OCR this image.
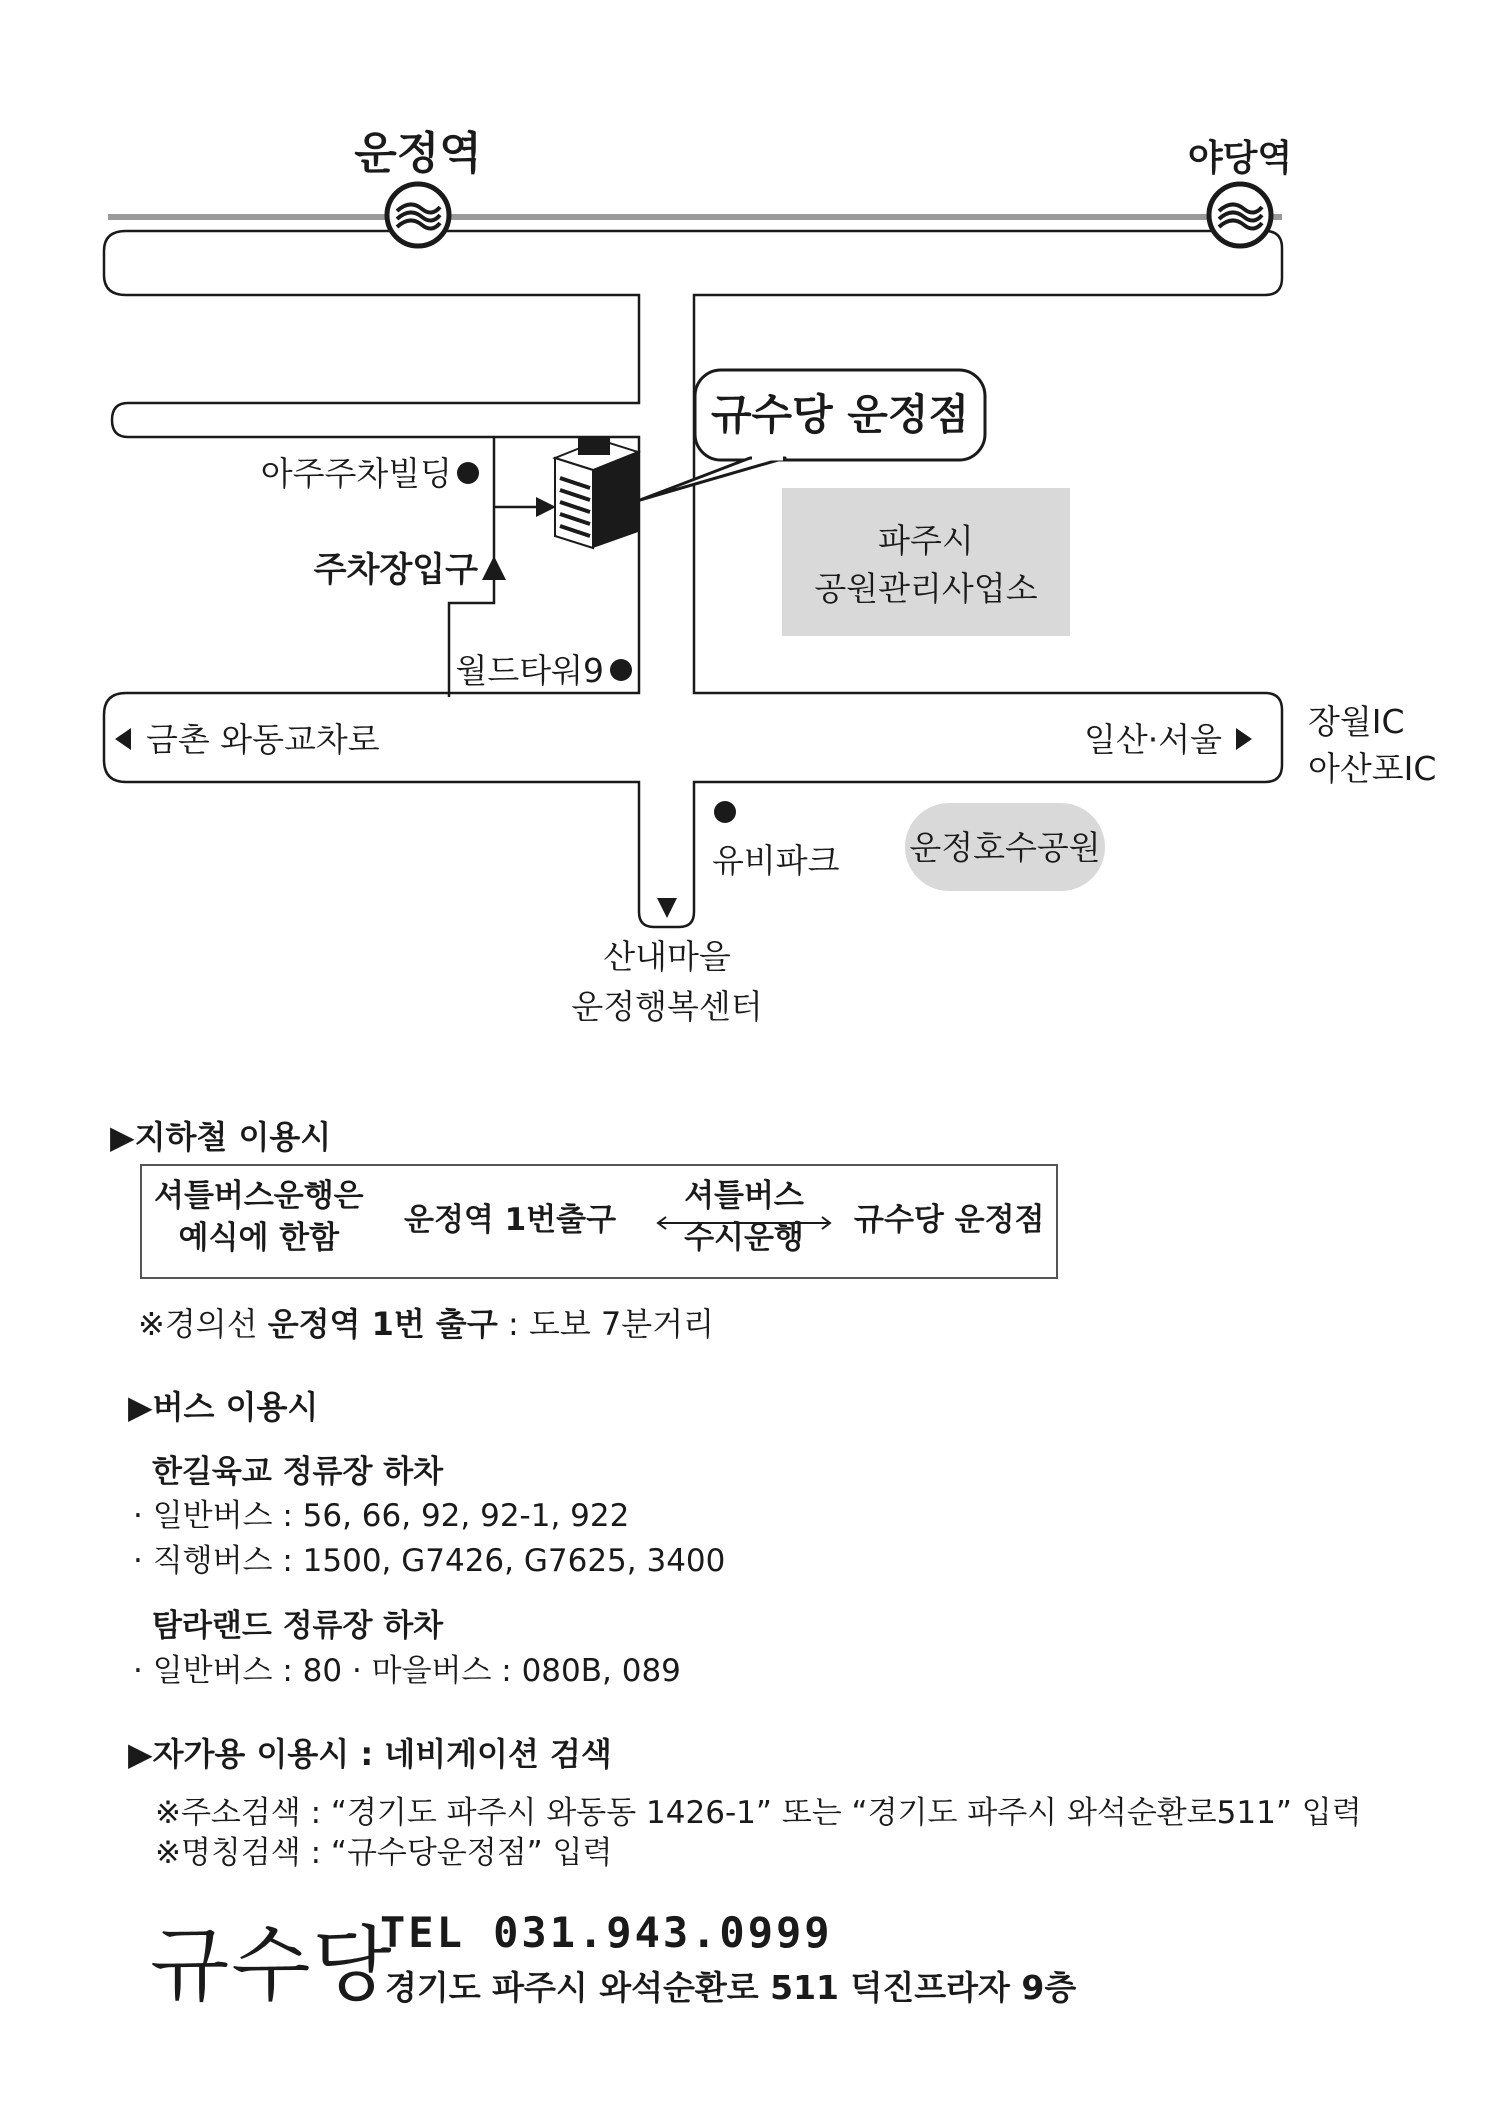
운정역	야당역
규수당 운정점
아주주차빌딩
주차장입구
월드타워9
파주시
공원관리사업소
금촌 와동교차로	일산·서울	장월IC
아산포IC
유비파크 운정호수공원
산내마을
운정행복센터
▶지하철 이용시
셔틀버스운행은
예식에 한함	운정역 1번출구
셔틀버스
수시운행	규수당 운정점
※경의선 운정역 1번 출구 : 도보 7분거리
▶버스 이용시
한길육교 정류장 하차
· 일반버스 : 56, 66, 92, 92-1, 922
· 직행버스 : 1500, G7426, G7625, 3400
탐라랜드 정류장 하차
· 일반버스 : 80 · 마을버스 : 080B, 089
▶자가용 이용시 : 네비게이션 검색
※주소검색 : “경기도 파주시 와동동 1426-1” 또는 “경기도 파주시 와석순환로511” 입력
※명칭검색 : “규수당운정점” 입력
규수당
TEL 031.943.0999
경기도 파주시 와석순환로 511 덕진프라자 9층
